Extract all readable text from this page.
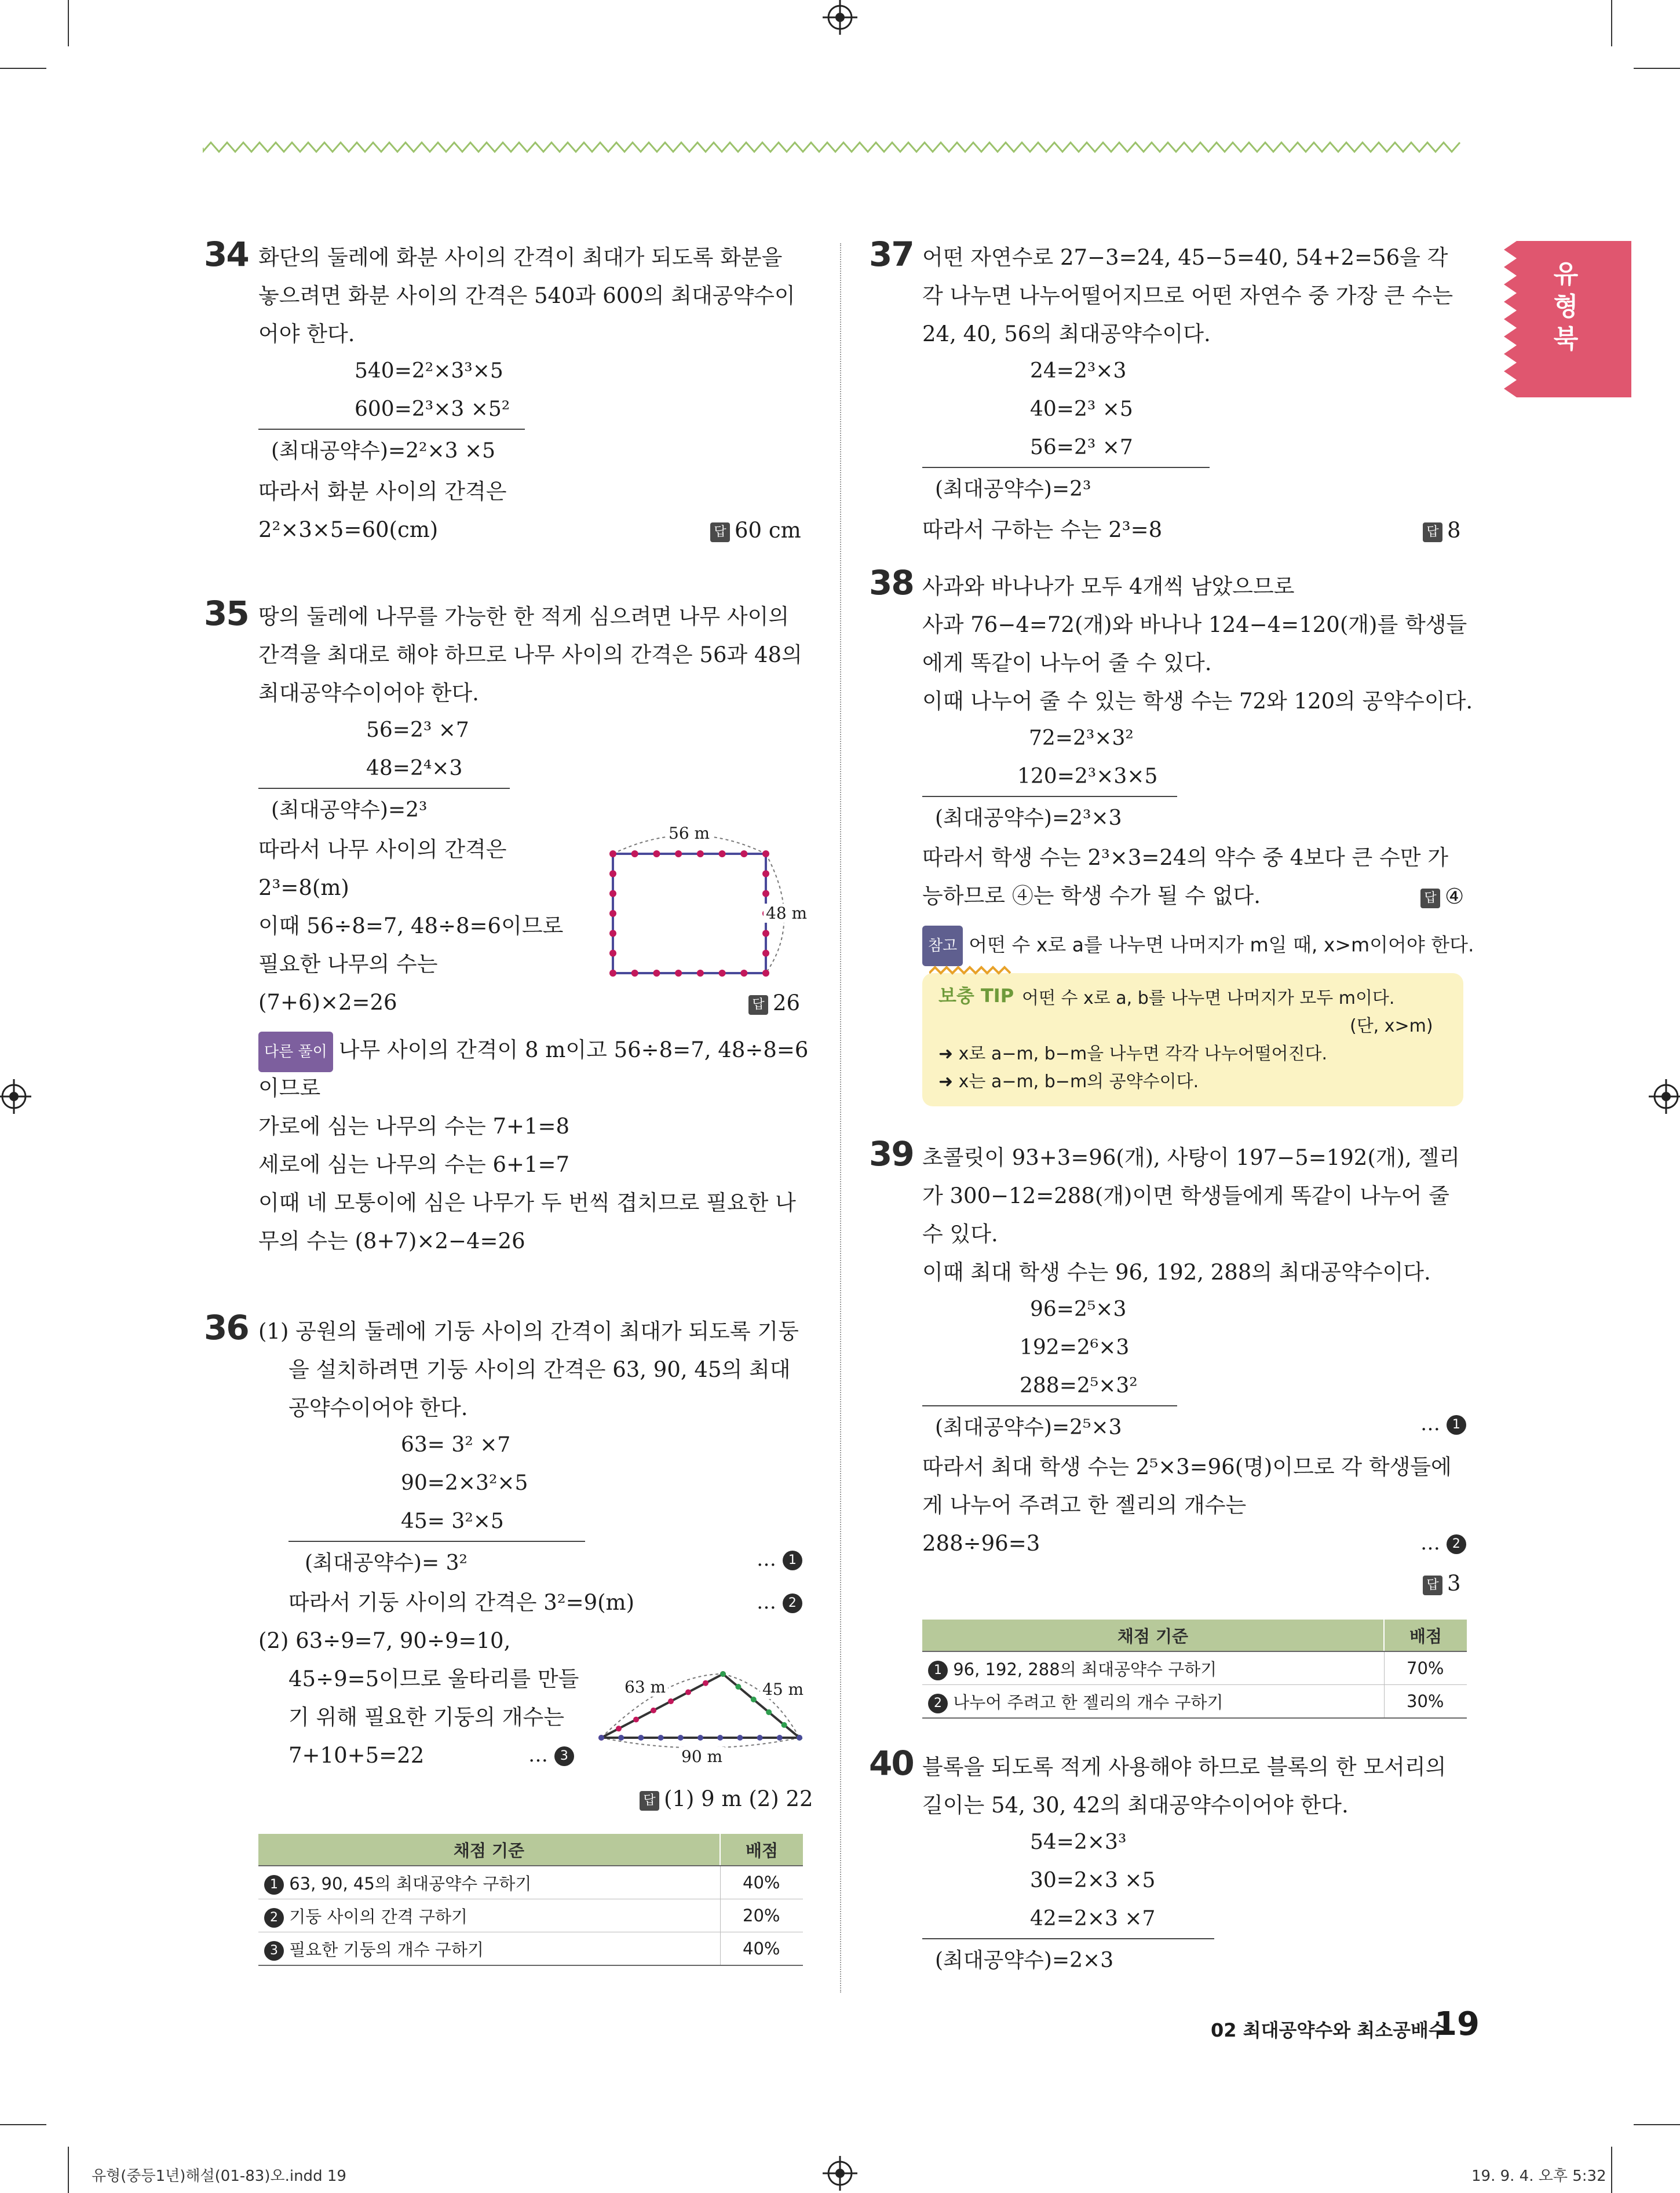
유형북
34 화단의 둘레에 화분 사이의 간격이 최대가 되도록 화분을
놓으려면 화분 사이의 간격은 540과 600의 최대공약수이
어야 한다.
540=2²×3³×5
600=2³×3 ×5²
(최대공약수)=2²×3 ×5
따라서 화분 사이의 간격은
2²×3×5=60(cm)	답 60 cm
35 땅의 둘레에 나무를 가능한 한 적게 심으려면 나무 사이의
간격을 최대로 해야 하므로 나무 사이의 간격은 56과 48의
최대공약수이어야 한다.
56=2³ ×7
48=2⁴×3
(최대공약수)=2³
따라서 나무 사이의 간격은
2³=8(m)
이때 56÷8=7, 48÷8=6이므로
필요한 나무의 수는
(7+6)×2=26
56 m
48 m
답 26
다른 풀이 나무 사이의 간격이 8 m이고 56÷8=7, 48÷8=6
이므로
가로에 심는 나무의 수는 7+1=8
세로에 심는 나무의 수는 6+1=7
이때 네 모퉁이에 심은 나무가 두 번씩 겹치므로 필요한 나
무의 수는 (8+7)×2−4=26
36 (1) 공원의 둘레에 기둥 사이의 간격이 최대가 되도록 기둥
을 설치하려면 기둥 사이의 간격은 63, 90, 45의 최대
공약수이어야 한다.
63= 3² ×7
90=2×3²×5
45= 3²×5
(최대공약수)= 3²	… 1
따라서 기둥 사이의 간격은 3²=9(m)	… 2
(2) 63÷9=7, 90÷9=10,
45÷9=5이므로 울타리를 만들
기 위해 필요한 기둥의 개수는
7+10+5=22	… 3
63 m	45 m
90 m
답 (1) 9 m (2) 22
채점 기준	배점
1 63, 90, 45의 최대공약수 구하기	40%
2 기둥 사이의 간격 구하기	20%
3 필요한 기둥의 개수 구하기	40%
37 어떤 자연수로 27−3=24, 45−5=40, 54+2=56을 각
각 나누면 나누어떨어지므로 어떤 자연수 중 가장 큰 수는
24, 40, 56의 최대공약수이다.
24=2³×3
40=2³ ×5
56=2³ ×7
(최대공약수)=2³
따라서 구하는 수는 2³=8	답 8
38 사과와 바나나가 모두 4개씩 남았으므로
사과 76−4=72(개)와 바나나 124−4=120(개)를 학생들
에게 똑같이 나누어 줄 수 있다.
이때 나누어 줄 수 있는 학생 수는 72와 120의 공약수이다.
72=2³×3²
120=2³×3×5
(최대공약수)=2³×3
따라서 학생 수는 2³×3=24의 약수 중 4보다 큰 수만 가
능하므로 ④는 학생 수가 될 수 없다.	답 ④
참고 어떤 수 x로 a를 나누면 나머지가 m일 때, x>m이어야 한다.
보충 TIP 어떤 수 x로 a, b를 나누면 나머지가 모두 m이다.
(단, x>m)
➜ x로 a−m, b−m을 나누면 각각 나누어떨어진다.
➜ x는 a−m, b−m의 공약수이다.
39 초콜릿이 93+3=96(개), 사탕이 197−5=192(개), 젤리
가 300−12=288(개)이면 학생들에게 똑같이 나누어 줄
수 있다.
이때 최대 학생 수는 96, 192, 288의 최대공약수이다.
96=2⁵×3
192=2⁶×3
288=2⁵×3²
(최대공약수)=2⁵×3	… 1
따라서 최대 학생 수는 2⁵×3=96(명)이므로 각 학생들에
게 나누어 주려고 한 젤리의 개수는
288÷96=3	… 2
답 3
채점 기준	배점
1 96, 192, 288의 최대공약수 구하기	70%
2 나누어 주려고 한 젤리의 개수 구하기	30%
40 블록을 되도록 적게 사용해야 하므로 블록의 한 모서리의
길이는 54, 30, 42의 최대공약수이어야 한다.
54=2×3³
30=2×3 ×5
42=2×3 ×7
(최대공약수)=2×3
02 최대공약수와 최소공배수
19
유형(중등1년)해설(01-83)오.indd 19	19. 9. 4. 오후 5:32
